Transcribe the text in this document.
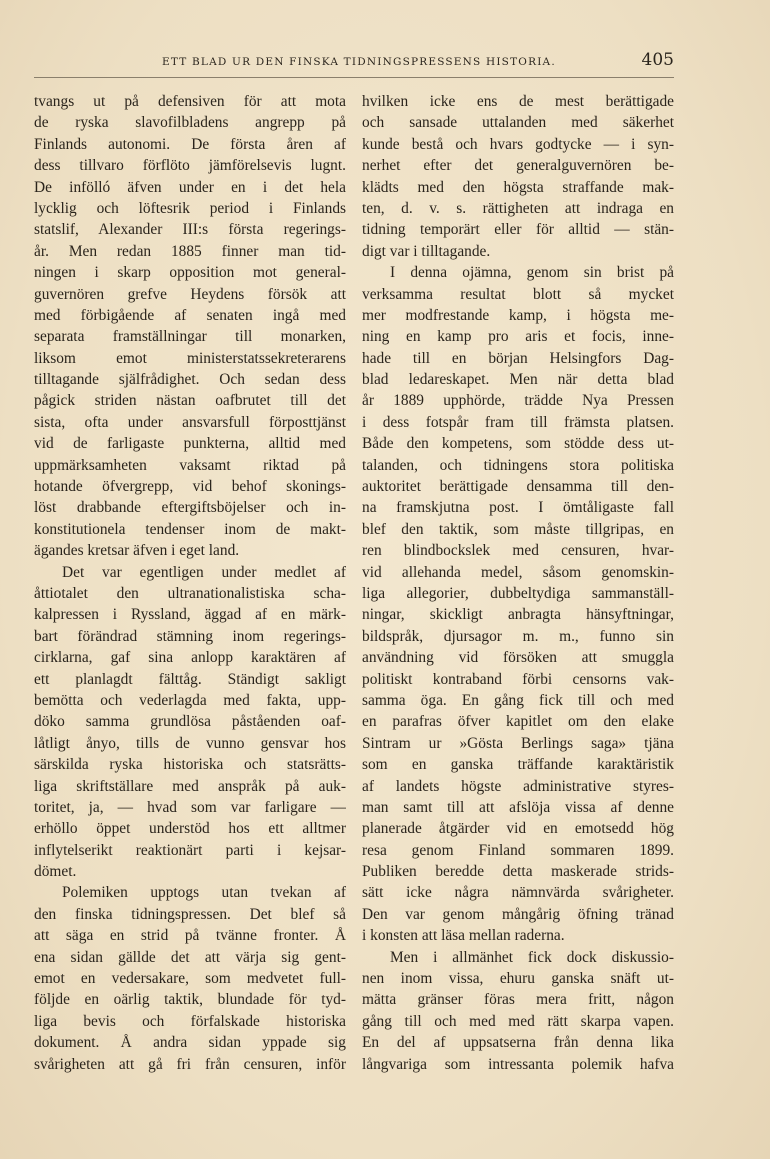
ETT BLAD UR DEN FINSKA TIDNINGSPRESSENS HISTORIA.	405
tvangs ut på defensiven för att mota
de ryska slavofilbladens angrepp på
Finlands autonomi. De första åren af
dess tillvaro förflöto jämförelsevis lugnt.
De infölló äfven under en i det hela
lycklig och löftesrik period i Finlands
statslif, Alexander III:s första regerings-
år. Men redan 1885 finner man tid-
ningen i skarp opposition mot general-
guvernören grefve Heydens försök att
med förbigående af senaten ingå med
separata framställningar till monarken,
liksom emot ministerstatssekreterarens
tilltagande själfrådighet. Och sedan dess
pågick striden nästan oafbrutet till det
sista, ofta under ansvarsfull förposttjänst
vid de farligaste punkterna, alltid med
uppmärksamheten vaksamt riktad på
hotande öfvergrepp, vid behof skonings-
löst drabbande eftergiftsböjelser och in-
konstitutionela tendenser inom de makt-
ägandes kretsar äfven i eget land.
Det var egentligen under medlet af
åttiotalet den ultranationalistiska scha-
kalpressen i Ryssland, äggad af en märk-
bart förändrad stämning inom regerings-
cirklarna, gaf sina anlopp karaktären af
ett planlagdt fälttåg. Ständigt sakligt
bemötta och vederlagda med fakta, upp-
döko samma grundlösa påståenden oaf-
låtligt ånyo, tills de vunno gensvar hos
särskilda ryska historiska och statsrätts-
liga skriftställare med anspråk på auk-
toritet, ja, — hvad som var farligare —
erhöllo öppet understöd hos ett alltmer
inflytelserikt reaktionärt parti i kejsar-
dömet.
Polemiken upptogs utan tvekan af
den finska tidningspressen. Det blef så
att säga en strid på tvänne fronter. Å
ena sidan gällde det att värja sig gent-
emot en vedersakare, som medvetet full-
följde en oärlig taktik, blundade för tyd-
liga bevis och förfalskade historiska
dokument. Å andra sidan yppade sig
svårigheten att gå fri från censuren, inför
hvilken icke ens de mest berättigade
och sansade uttalanden med säkerhet
kunde bestå och hvars godtycke — i syn-
nerhet efter det generalguvernören be-
klädts med den högsta straffande mak-
ten, d. v. s. rättigheten att indraga en
tidning temporärt eller för alltid — stän-
digt var i tilltagande.
I denna ojämna, genom sin brist på
verksamma resultat blott så mycket
mer modfrestande kamp, i högsta me-
ning en kamp pro aris et focis, inne-
hade till en början Helsingfors Dag-
blad ledareskapet. Men när detta blad
år 1889 upphörde, trädde Nya Pressen
i dess fotspår fram till främsta platsen.
Både den kompetens, som stödde dess ut-
talanden, och tidningens stora politiska
auktoritet berättigade densamma till den-
na framskjutna post. I ömtåligaste fall
blef den taktik, som måste tillgripas, en
ren blindbockslek med censuren, hvar-
vid allehanda medel, såsom genomskin-
liga allegorier, dubbeltydiga sammanställ-
ningar, skickligt anbragta hänsyftningar,
bildspråk, djursagor m. m., funno sin
användning vid försöken att smuggla
politiskt kontraband förbi censorns vak-
samma öga. En gång fick till och med
en parafras öfver kapitlet om den elake
Sintram ur »Gösta Berlings saga» tjäna
som en ganska träffande karaktäristik
af landets högste administrative styres-
man samt till att afslöja vissa af denne
planerade åtgärder vid en emotsedd hög
resa genom Finland sommaren 1899.
Publiken beredde detta maskerade strids-
sätt icke några nämnvärda svårigheter.
Den var genom mångårig öfning tränad
i konsten att läsa mellan raderna.
Men i allmänhet fick dock diskussio-
nen inom vissa, ehuru ganska snäft ut-
mätta gränser föras mera fritt, någon
gång till och med med rätt skarpa vapen.
En del af uppsatserna från denna lika
långvariga som intressanta polemik hafva
